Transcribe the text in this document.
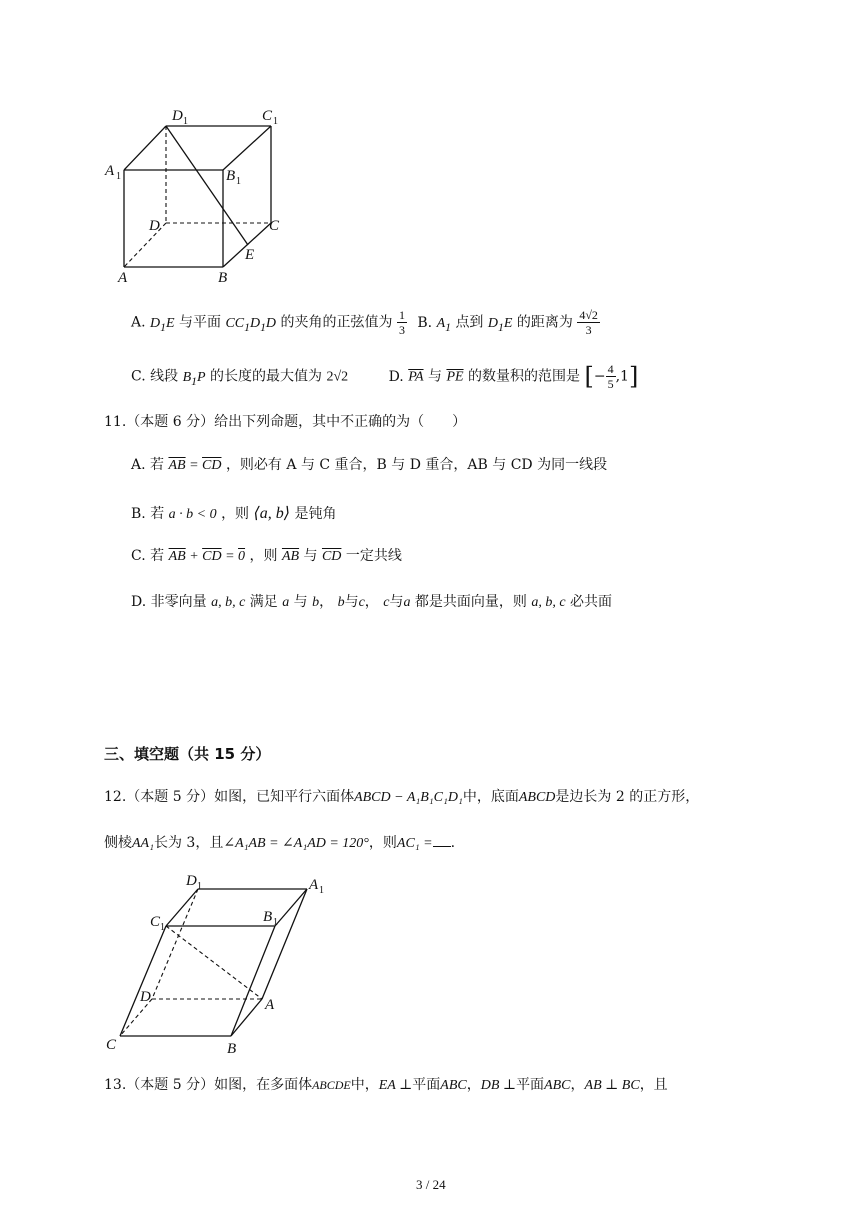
D 1	C 1
A 1	B 1
D	C
E
A	B
A. $D_1E$ 与平面 $CC_1D_1D$ 的夹角的正弦值为 $\frac{1}{3} B$. $A_1$ 点到 $D_1E$ 的距离为 $\frac{4√2}{3}$
C. 线段 $B_1P$ 的长度的最大值为 2√2	D. $\overline{PA}$ 与 $\overline{PE}$ 的数量积的范围是 [− $\frac{4}{5} ,1$]
11.（本题 6 分）给出下列命题，其中不正确的为（　　）
A. 若 $\overline{AB} = \overline{CD}$ ，则必有 A 与 C 重合，B 与 D 重合，AB 与 CD 为同一线段
B. 若 a · b < 0 ，则 ⟨a, b⟩ 是钝角
C. 若 $\overline{AB} + \overline{CD} = 0$ ，则 $\overline{AB}$ 与 $\overline{CD}$ 一定共线
D. 非零向量 a, b, c 满足 a 与 b， b与c， c与a 都是共面向量，则 a, b, c 必共面
三、填空题（共 15 分）
12.（本题 5 分）如图，已知平行六面体ABCD − A₁B₁C₁D₁中，底面ABCD是边长为 2 的正方形，
侧棱AA₁长为 3，且∠A₁AB = ∠A₁AD = 120°，则AC₁ = .
D 1	A 1
C 1
B 1
D	A
C	B
13.（本题 5 分）如图，在多面体ABCDE中，EA ⊥平面ABC，DB ⊥平面ABC，AB ⊥ BC，且
3 / 24
